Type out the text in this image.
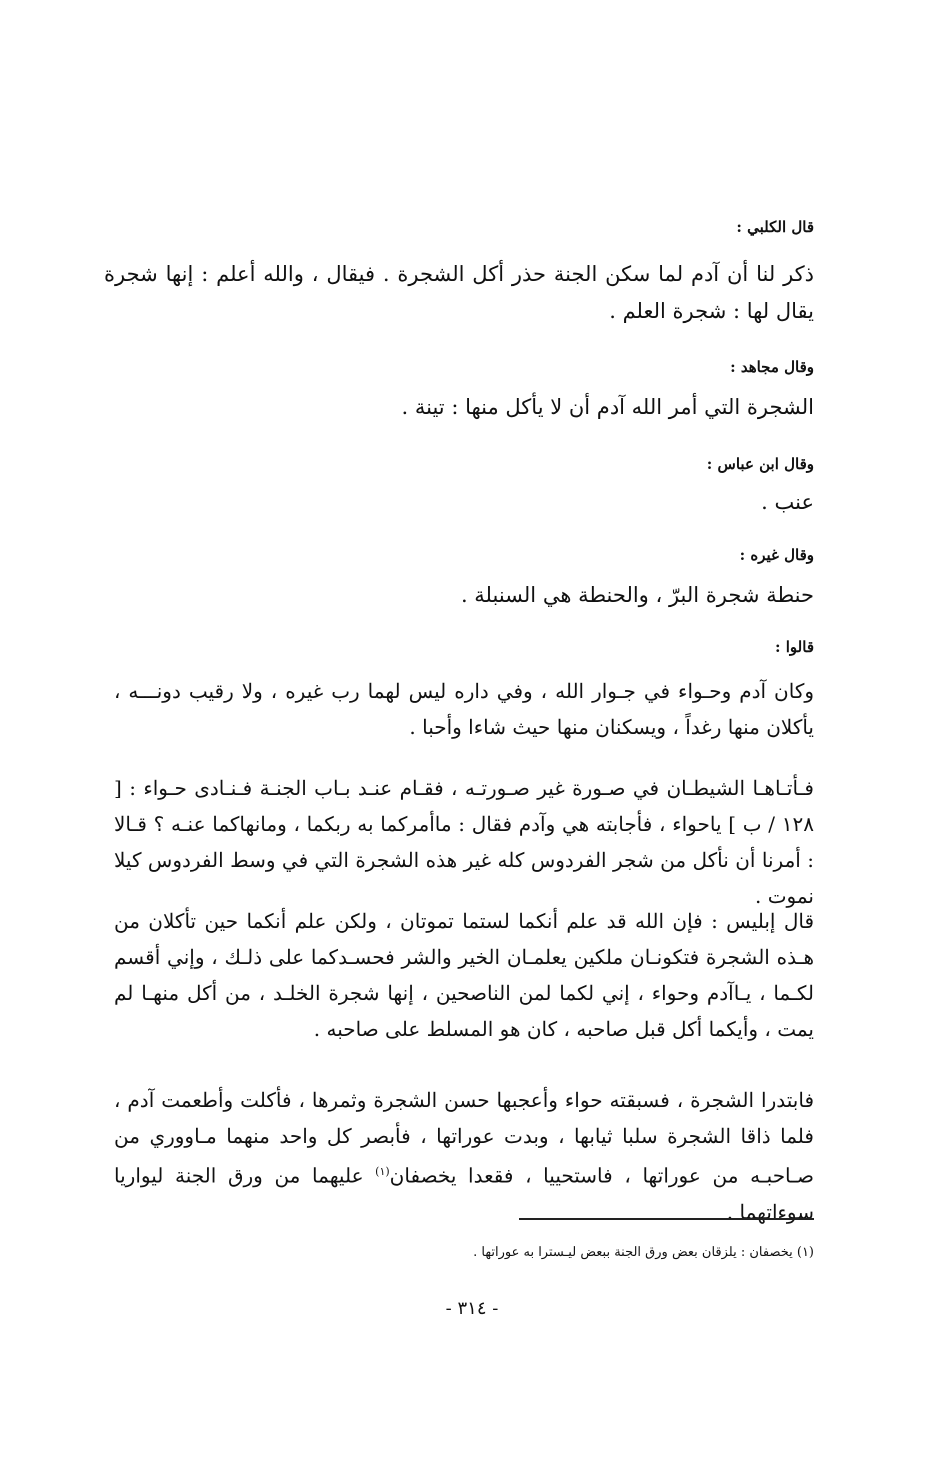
قال الكلبي :
ذكر لنا أن آدم لما سكن الجنة حذر أكل الشجرة . فيقال ، والله أعلم : إنها شجرة يقال لها : شجرة العلم .
وقال مجاهد :
الشجرة التي أمر الله آدم أن لا يأكل منها : تينة .
وقال ابن عباس :
عنب .
وقال غيره :
حنطة شجرة البرّ ، والحنطة هي السنبلة .
قالوا :
وكان آدم وحـواء في جـوار الله ، وفي داره ليس لهما رب غيره ، ولا رقيب دونـــه ، يأكلان منها رغداً ، ويسكنان منها حيث شاءا وأحبا .
فـأتـاهـا الشيطـان في صـورة غير صـورتـه ، فقـام عنـد بـاب الجنـة فـنـادى حـواء : [ ١٢٨ / ب ] ياحواء ، فأجابته هي وآدم فقال : ماأمركما به ربكما ، ومانهاكما عنـه ؟ قـالا : أمرنا أن نأكل من شجر الفردوس كله غير هذه الشجرة التي في وسط الفردوس كيلا نموت .
قال إبليس : فإن الله قد علم أنكما لستما تموتان ، ولكن علم أنكما حين تأكلان من هـذه الشجرة فتكونـان ملكين يعلمـان الخير والشر فحسـدكما على ذلـك ، وإني أقسم لكـما ، يـاآدم وحواء ، إني لكما لمن الناصحين ، إنها شجرة الخلـد ، من أكل منهـا لم يمت ، وأيكما أكل قبل صاحبه ، كان هو المسلط على صاحبه .
فابتدرا الشجرة ، فسبقته حواء وأعجبها حسن الشجرة وثمرها ، فأكلت وأطعمت آدم ، فلما ذاقا الشجرة سلبا ثيابها ، وبدت عوراتها ، فأبصر كل واحد منهما مـاووري من صـاحبـه من عوراتها ، فاستحييا ، فقعدا يخصفان$^{(١)}$ عليهما من ورق الجنة ليواريا سوءاتهما .
(١) يخصفان : يلزقان بعض ورق الجنة ببعض ليـسترا به عوراتها .
- ٣١٤ -
